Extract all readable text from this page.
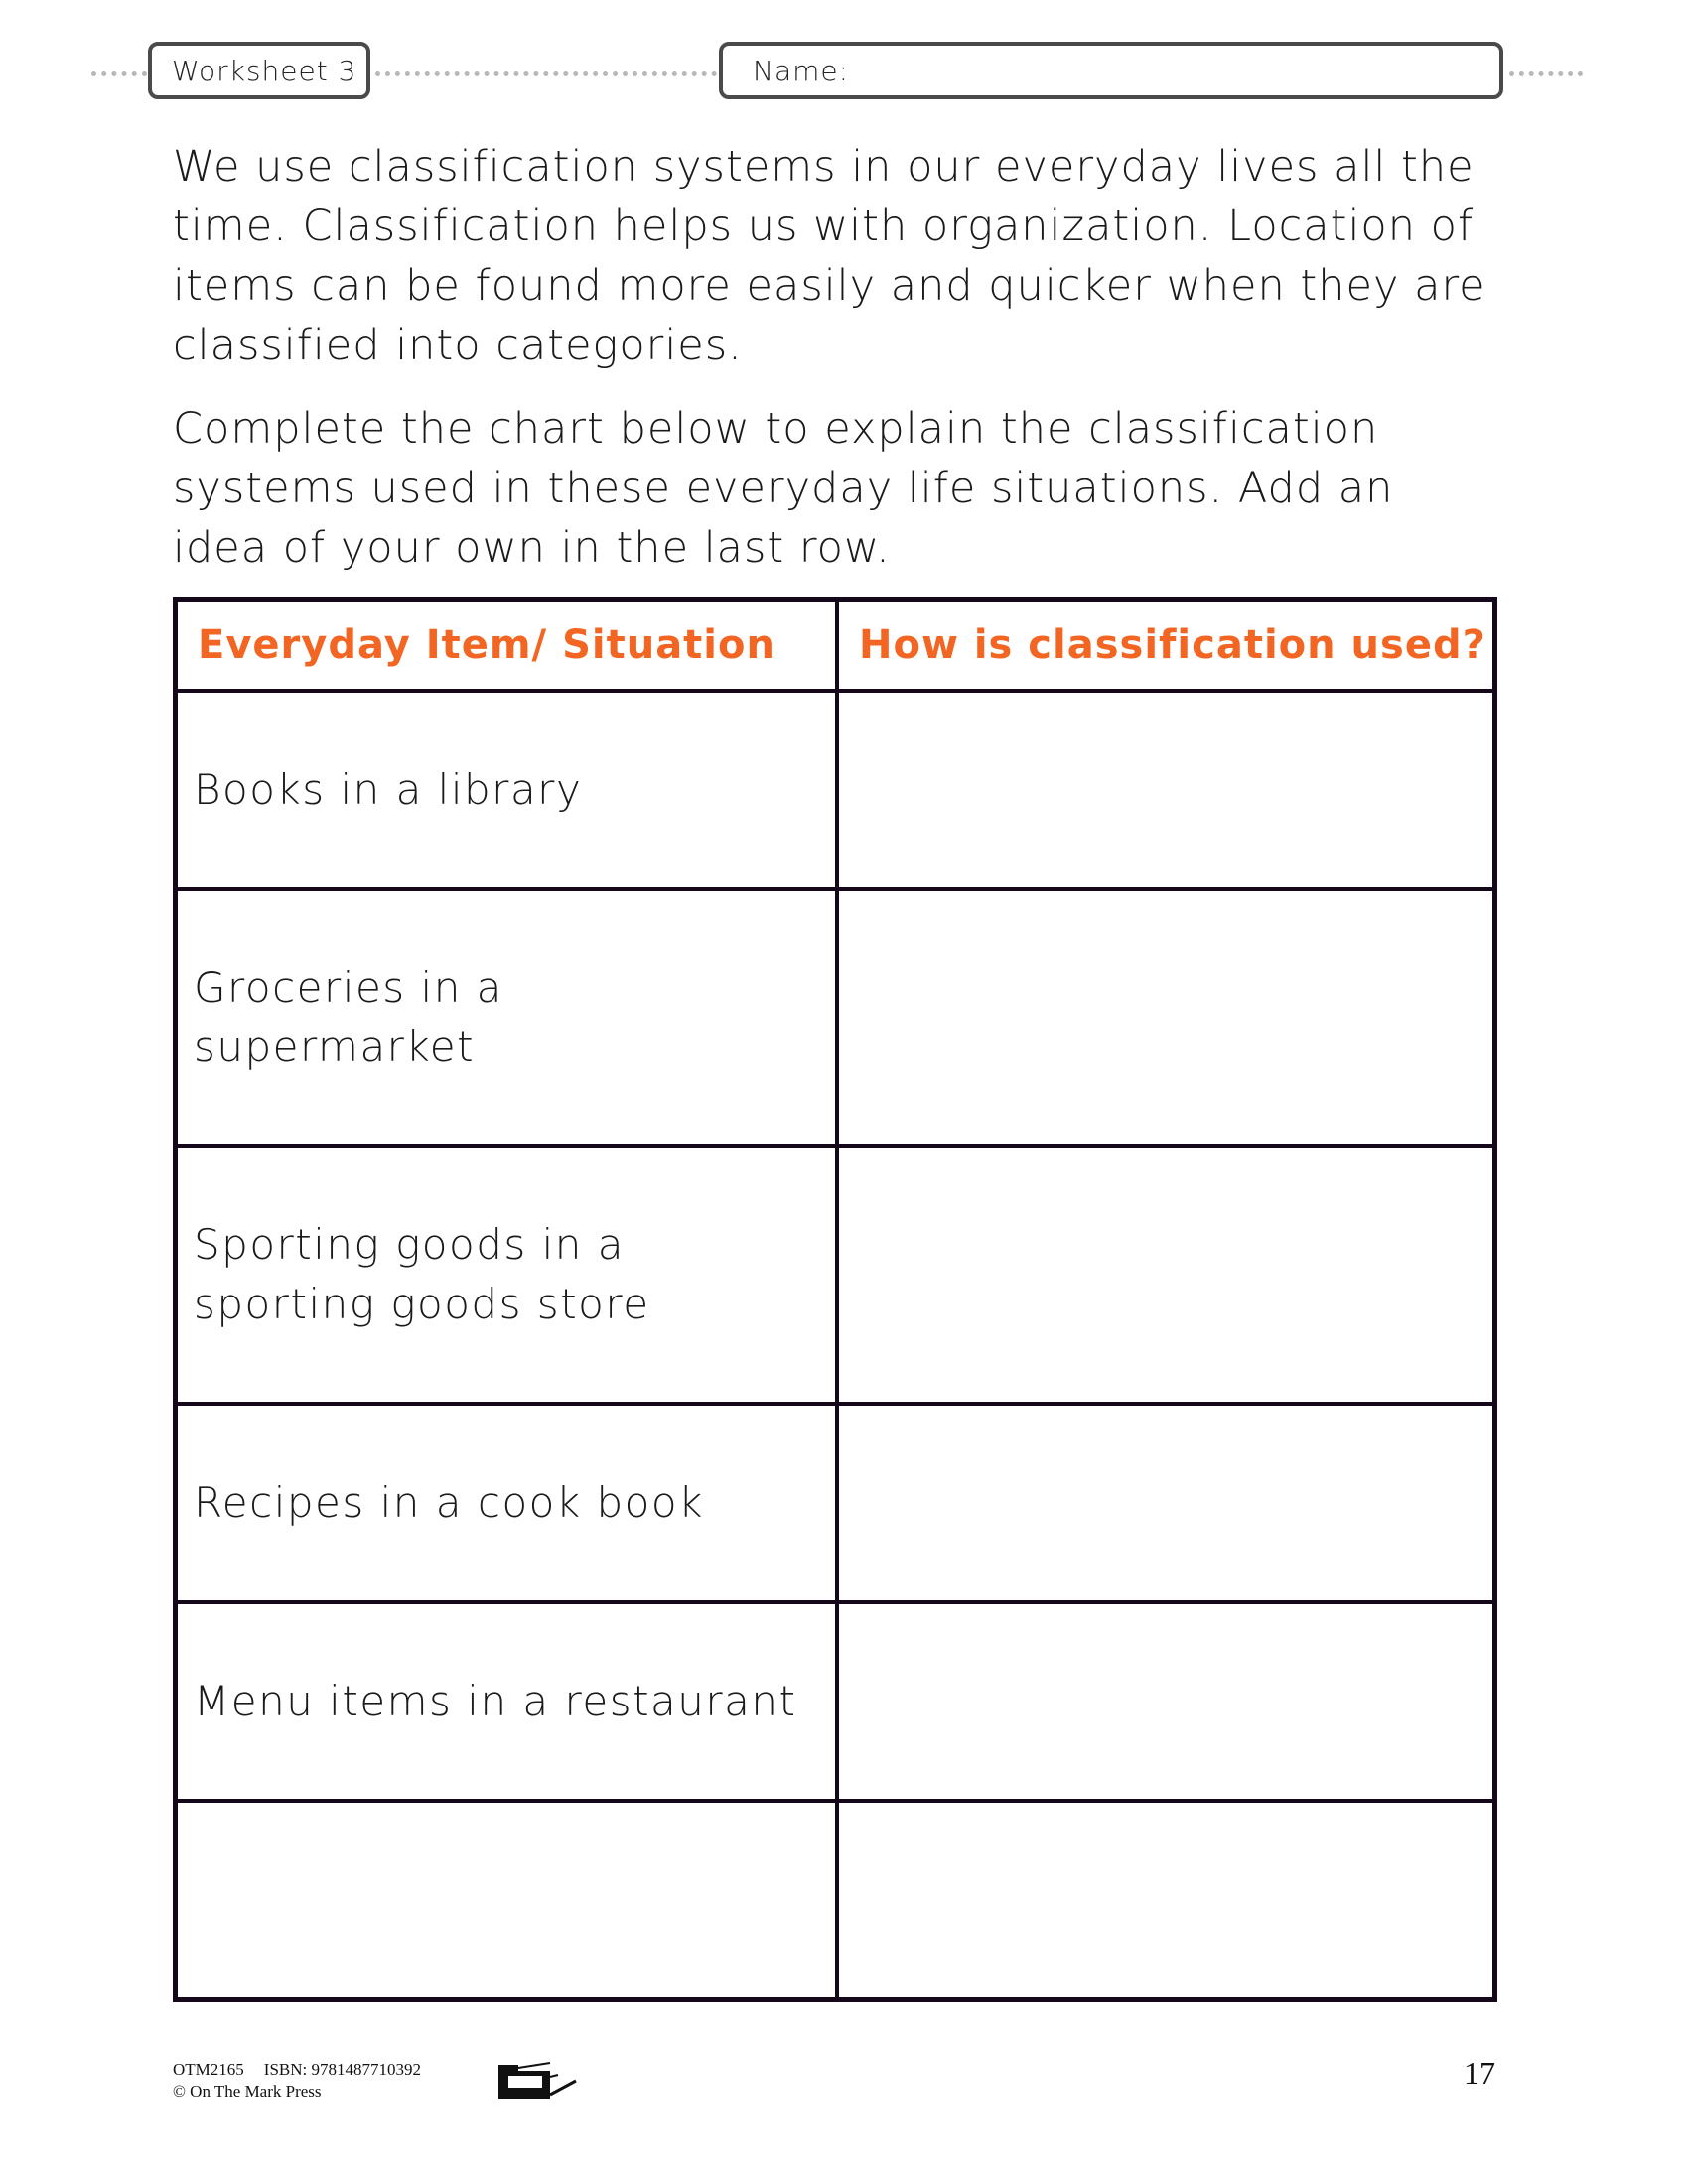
Worksheet 3	Name:

We use classification systems in our everyday lives all the time. Classification helps us with organization. Location of items can be found more easily and quicker when they are classified into categories.

Complete the chart below to explain the classification systems used in these everyday life situations. Add an idea of your own in the last row.

Everyday Item/ Situation	How is classification used?
Books in a library	

Groceries in a supermarket	

Sporting goods in a sporting goods store	

Recipes in a cook book	
Menu items in a restaurant	

OTM2165 ISBN: 9781487710392
© On The Mark Press
17
